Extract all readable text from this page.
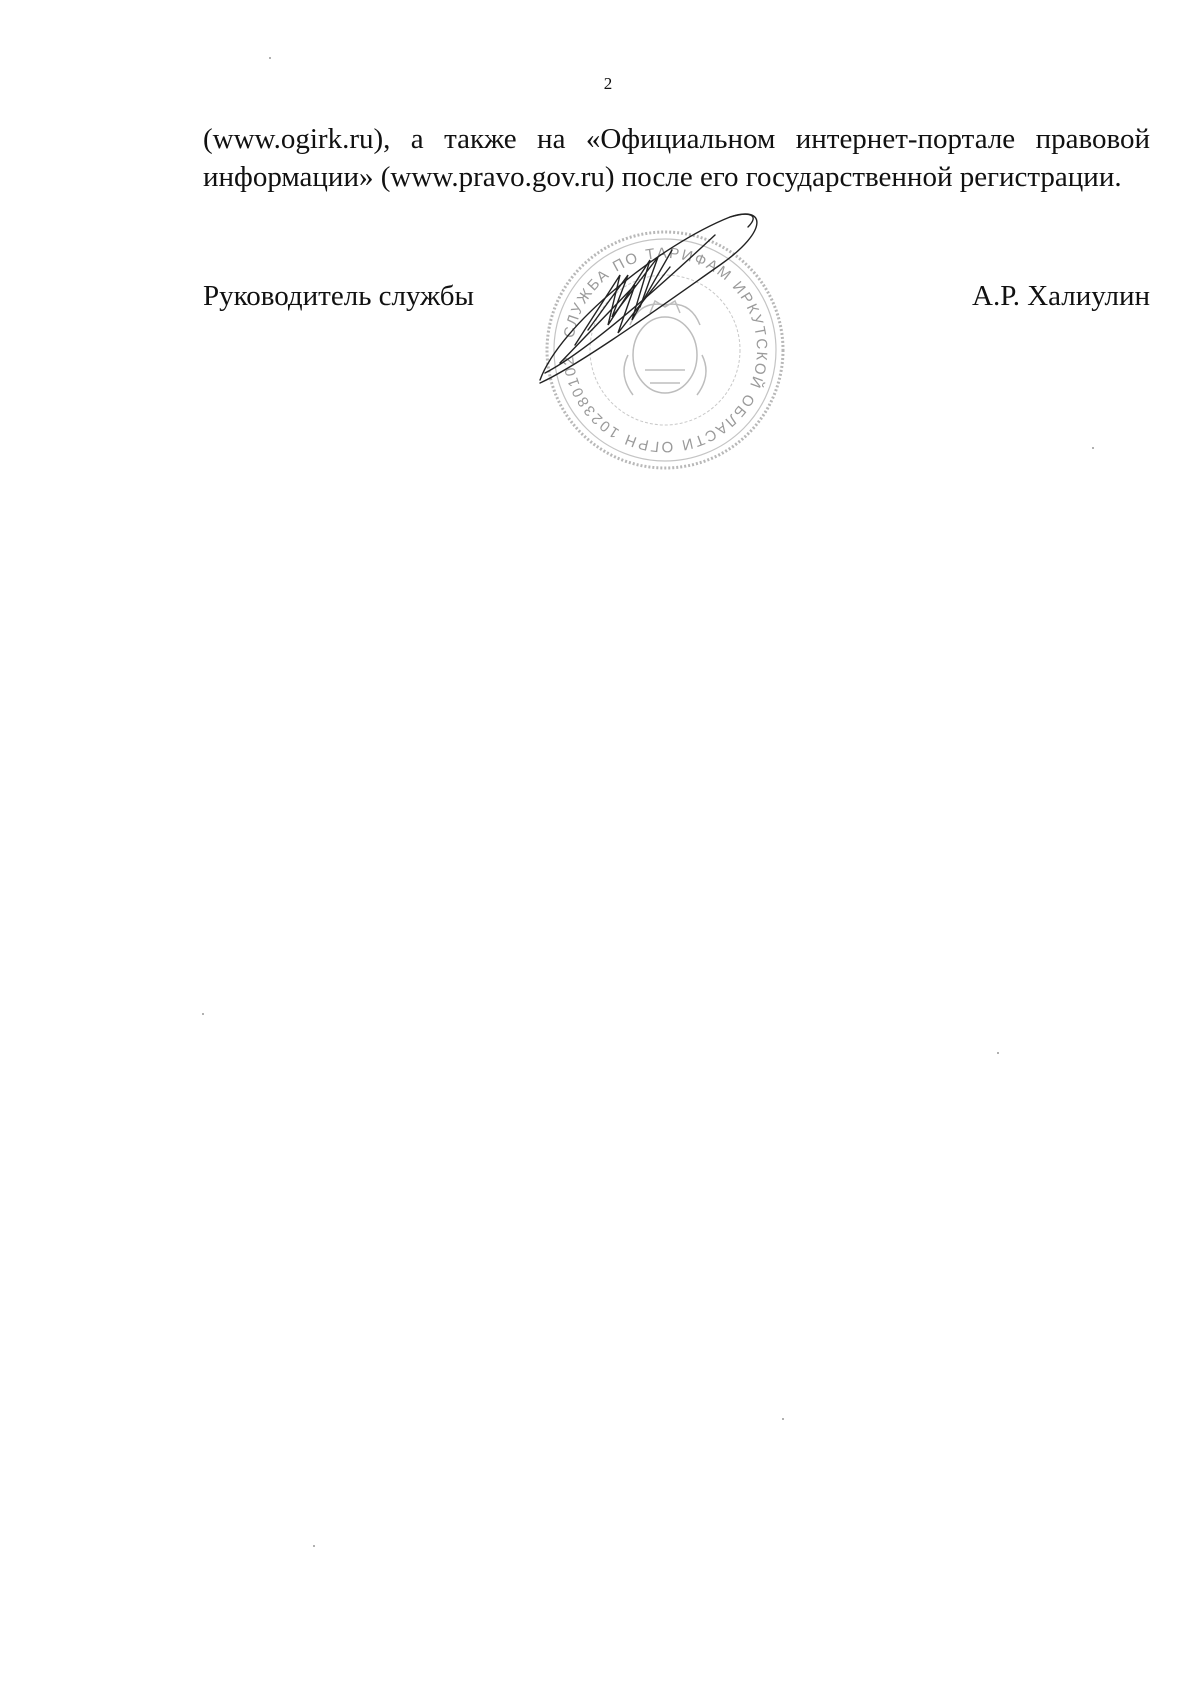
2
(www.ogirk.ru), а также на «Официальном интернет-портале правовой
информации» (www.pravo.gov.ru) после его государственной регистрации.
Руководитель службы	А.Р. Халиулин
СЛУЖБА ПО ТАРИФАМ ИРКУТСКОЙ ОБЛАСТИ ОГРН 102380102
